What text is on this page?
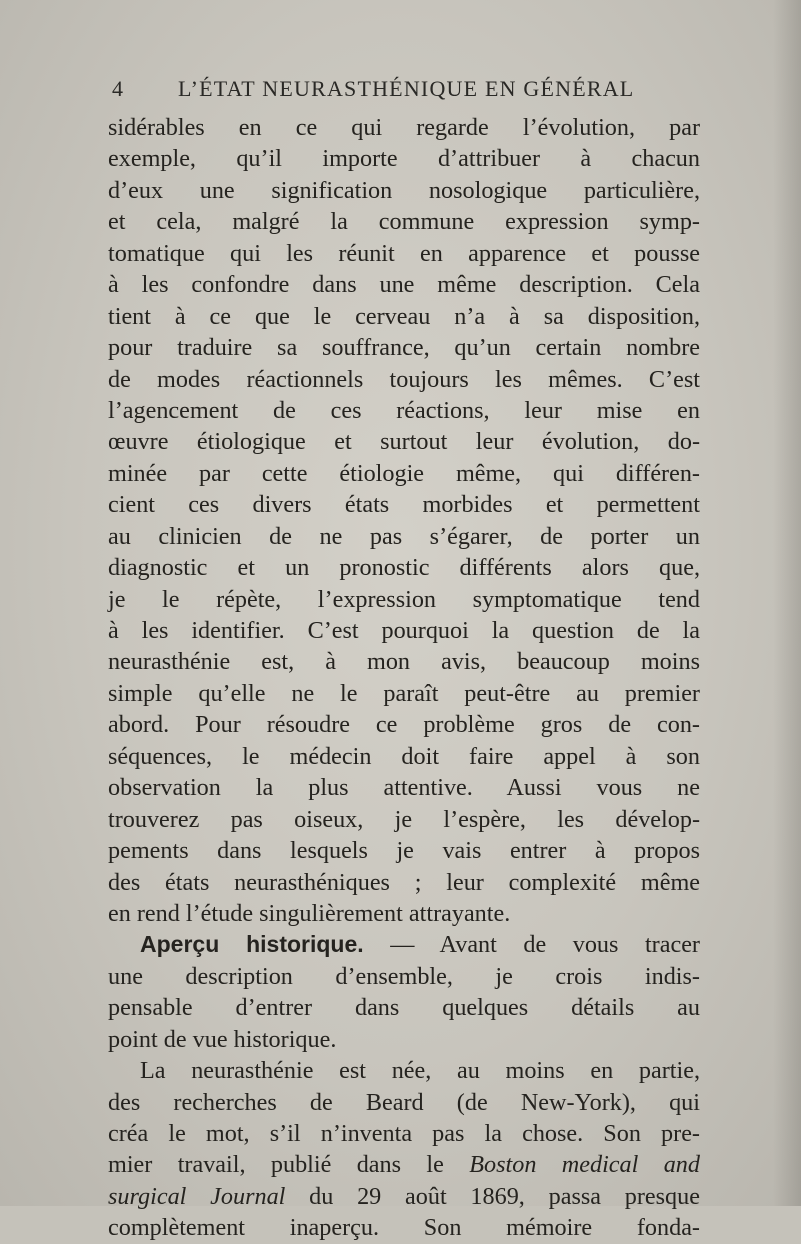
4 L’ÉTAT NEURASTHÉNIQUE EN GÉNÉRAL
sidérables en ce qui regarde l’évolution, par
exemple, qu’il importe d’attribuer à chacun
d’eux une signification nosologique particulière,
et cela, malgré la commune expression symp-
tomatique qui les réunit en apparence et pousse
à les confondre dans une même description. Cela
tient à ce que le cerveau n’a à sa disposition,
pour traduire sa souffrance, qu’un certain nombre
de modes réactionnels toujours les mêmes. C’est
l’agencement de ces réactions, leur mise en
œuvre étiologique et surtout leur évolution, do-
minée par cette étiologie même, qui différen-
cient ces divers états morbides et permettent
au clinicien de ne pas s’égarer, de porter un
diagnostic et un pronostic différents alors que,
je le répète, l’expression symptomatique tend
à les identifier. C’est pourquoi la question de la
neurasthénie est, à mon avis, beaucoup moins
simple qu’elle ne le paraît peut-être au premier
abord. Pour résoudre ce problème gros de con-
séquences, le médecin doit faire appel à son
observation la plus attentive. Aussi vous ne
trouverez pas oiseux, je l’espère, les dévelop-
pements dans lesquels je vais entrer à propos
des états neurasthéniques ; leur complexité même
en rend l’étude singulièrement attrayante.
Aperçu historique. — Avant de vous tracer
une description d’ensemble, je crois indis-
pensable d’entrer dans quelques détails au
point de vue historique.
La neurasthénie est née, au moins en partie,
des recherches de Beard (de New-York), qui
créa le mot, s’il n’inventa pas la chose. Son pre-
mier travail, publié dans le Boston medical and
surgical Journal du 29 août 1869, passa presque
complètement inaperçu. Son mémoire fonda-
